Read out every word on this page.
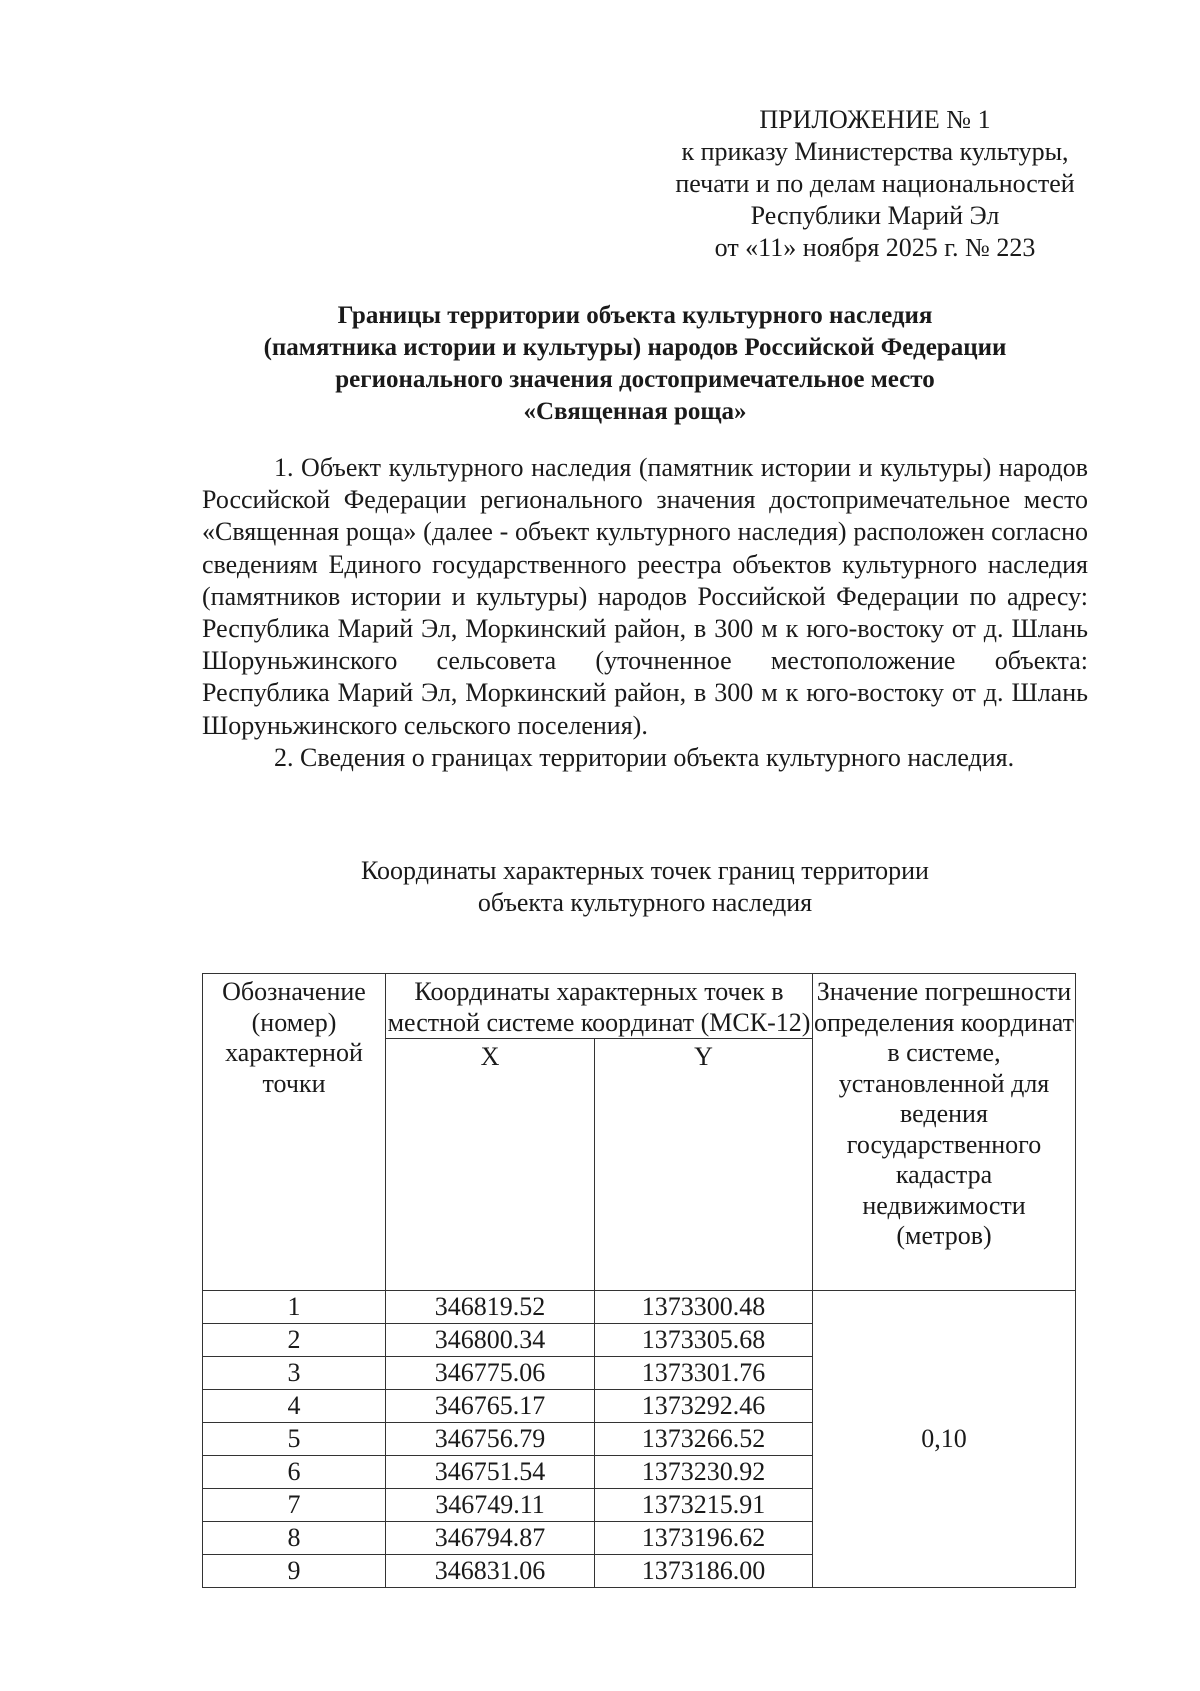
ПРИЛОЖЕНИЕ № 1
к приказу Министерства культуры,
печати и по делам национальностей
Республики Марий Эл
от «11» ноября 2025 г. № 223
Границы территории объекта культурного наследия
(памятника истории и культуры) народов Российской Федерации
регионального значения достопримечательное место
«Священная роща»

1. Объект культурного наследия (памятник истории и культуры) народов Российской Федерации регионального значения достопримечательное место «Священная роща» (далее - объект культурного наследия) расположен согласно сведениям Единого государственного реестра объектов культурного наследия (памятников истории и культуры) народов Российской Федерации по адресу: Республика Марий Эл, Моркинский район, в 300 м к юго-востоку от д. Шлань Шоруньжинского сельсовета (уточненное местоположение объекта: Республика Марий Эл, Моркинский район, в 300 м к юго-востоку от д. Шлань Шоруньжинского сельского поселения).

2. Сведения о границах территории объекта культурного наследия.

Координаты характерных точек границ территории
объекта культурного наследия
Обозначение (номер) характерной точки	Координаты характерных точек в местной системе координат (МСК-12)		Значение погрешности определения координат в системе, установленной для ведения государственного кадастра недвижимости (метров)
	X	Y	
1	346819.52	1373300.48	0,10
2	346800.34	1373305.68	
3	346775.06	1373301.76	
4	346765.17	1373292.46	
5	346756.79	1373266.52	
6	346751.54	1373230.92	
7	346749.11	1373215.91	
8	346794.87	1373196.62	
9	346831.06	1373186.00	
